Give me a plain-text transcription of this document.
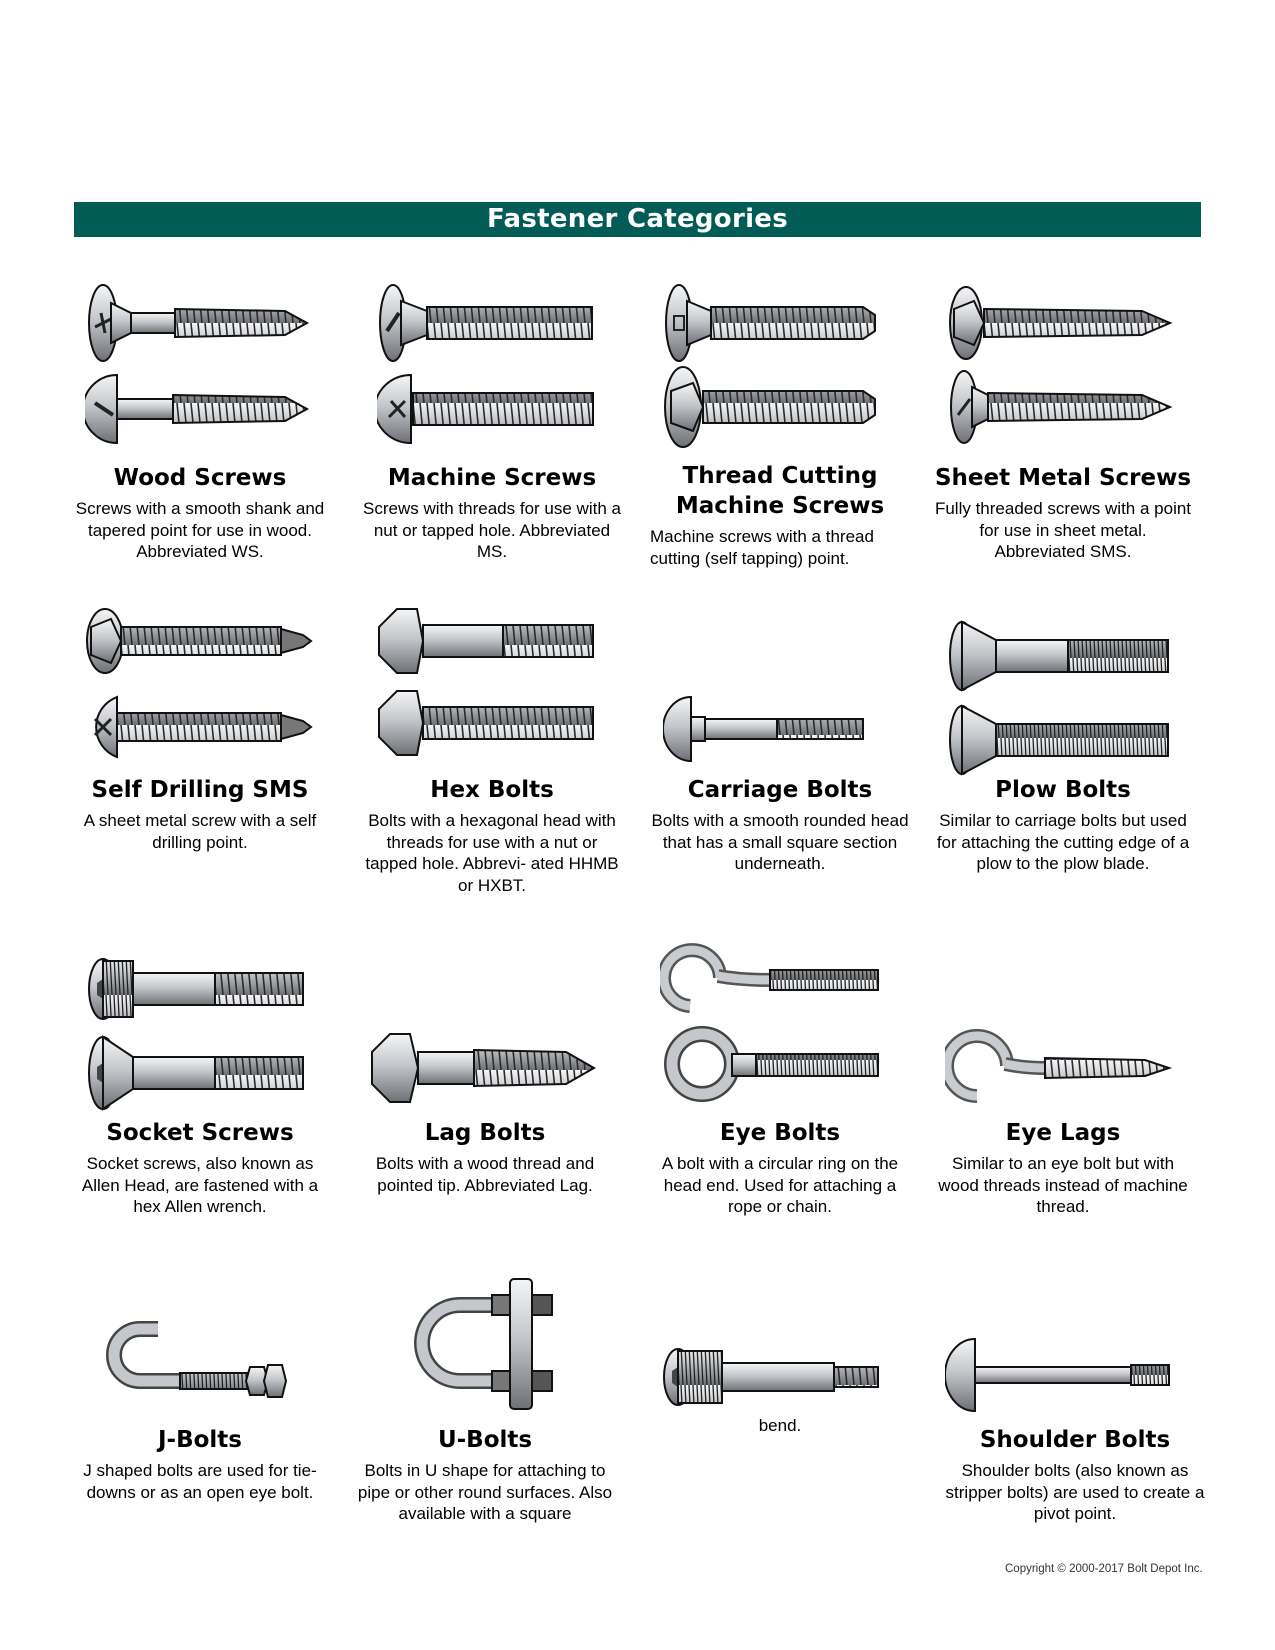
Fastener Categories
Wood Screws
Screws with a smooth shank and tapered point for use in wood. Abbreviated WS.
Machine Screws
Screws with threads for use with a nut or tapped hole. Abbreviated MS.
Thread Cutting
Machine Screws
Machine screws with a thread cutting (self tapping) point.
Sheet Metal Screws
Fully threaded screws with a point for use in sheet metal. Abbreviated SMS.
Self Drilling SMS
A sheet metal screw with a self drilling point.
Hex Bolts
Bolts with a hexagonal head with threads for use with a nut or tapped hole. Abbrevi- ated HHMB or HXBT.
Carriage Bolts
Bolts with a smooth rounded head that has a small square section underneath.
Plow Bolts
Similar to carriage bolts but used for attaching the cutting edge of a plow to the plow blade.
Socket Screws
Socket screws, also known as Allen Head, are fastened with a hex Allen wrench.
Lag Bolts
Bolts with a wood thread and pointed tip. Abbreviated Lag.
Eye Bolts
A bolt with a circular ring on the head end. Used for attaching a rope or chain.
Eye Lags
Similar to an eye bolt but with wood threads instead of machine thread.
J-Bolts
J shaped bolts are used for tie-downs or as an open eye bolt.
U-Bolts
Bolts in U shape for attaching to pipe or other round surfaces. Also available with a square
bend.
Shoulder Bolts
Shoulder bolts (also known as stripper bolts) are used to create a pivot point.
Copyright © 2000-2017 Bolt Depot Inc.
